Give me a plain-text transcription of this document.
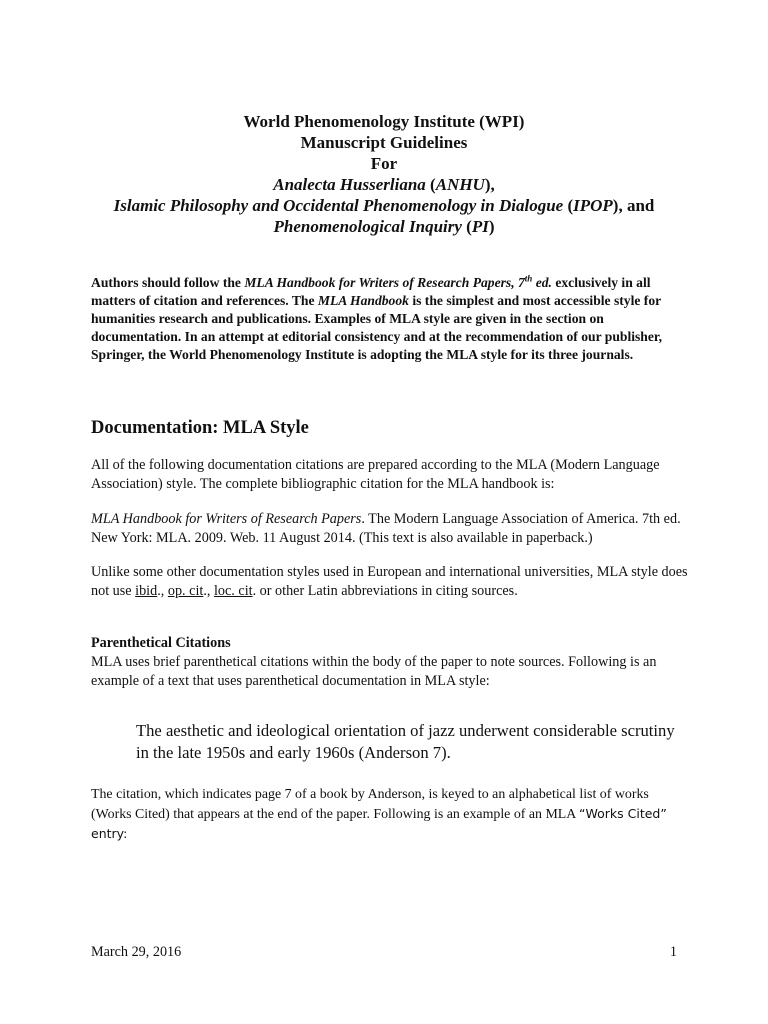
World Phenomenology Institute (WPI)
Manuscript Guidelines
For
Analecta Husserliana (ANHU),
Islamic Philosophy and Occidental Phenomenology in Dialogue (IPOP), and
Phenomenological Inquiry (PI)
Authors should follow the MLA Handbook for Writers of Research Papers, 7th ed. exclusively in all matters of citation and references. The MLA Handbook is the simplest and most accessible style for humanities research and publications. Examples of MLA style are given in the section on documentation. In an attempt at editorial consistency and at the recommendation of our publisher, Springer, the World Phenomenology Institute is adopting the MLA style for its three journals.
Documentation: MLA Style
All of the following documentation citations are prepared according to the MLA (Modern Language Association) style. The complete bibliographic citation for the MLA handbook is:
MLA Handbook for Writers of Research Papers. The Modern Language Association of America. 7th ed. New York: MLA. 2009. Web. 11 August 2014. (This text is also available in paperback.)
Unlike some other documentation styles used in European and international universities, MLA style does not use ibid., op. cit., loc. cit. or other Latin abbreviations in citing sources.
Parenthetical Citations
MLA uses brief parenthetical citations within the body of the paper to note sources. Following is an example of a text that uses parenthetical documentation in MLA style:
The aesthetic and ideological orientation of jazz underwent considerable scrutiny in the late 1950s and early 1960s (Anderson 7).
The citation, which indicates page 7 of a book by Anderson, is keyed to an alphabetical list of works (Works Cited) that appears at the end of the paper. Following is an example of an MLA “Works Cited” entry:
March 29, 2016	1
